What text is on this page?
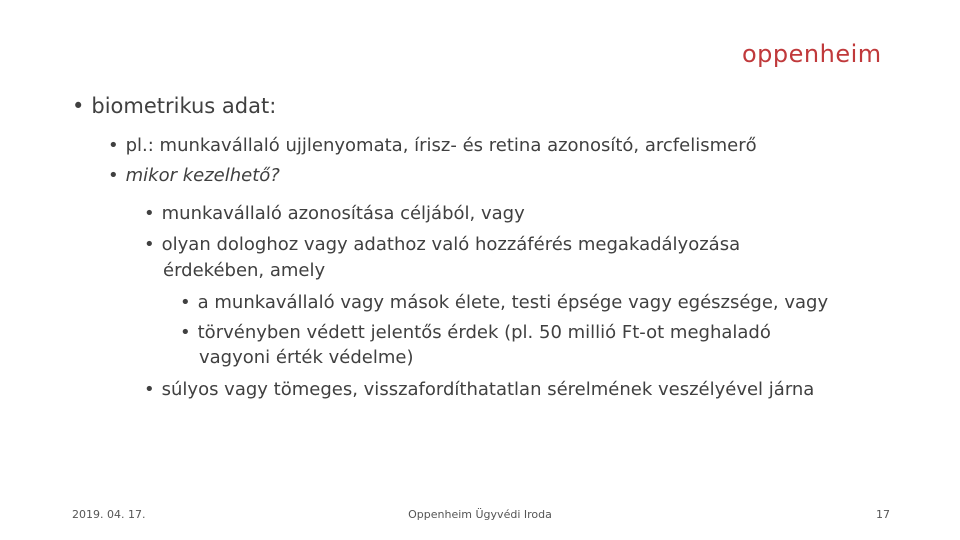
oppenheim
• biometrikus adat:
• pl.: munkavállaló ujjlenyomata, írisz- és retina azonosító, arcfelismerő
• mikor kezelhető?
• munkavállaló azonosítása céljából, vagy
• olyan dologhoz vagy adathoz való hozzáférés megakadályozása
érdekében, amely
• a munkavállaló vagy mások élete, testi épsége vagy egészsége, vagy
• törvényben védett jelentős érdek (pl. 50 millió Ft-ot meghaladó
vagyoni érték védelme)
• súlyos vagy tömeges, visszafordíthatatlan sérelmének veszélyével járna
2019. 04. 17.	Oppenheim Ügyvédi Iroda	17
